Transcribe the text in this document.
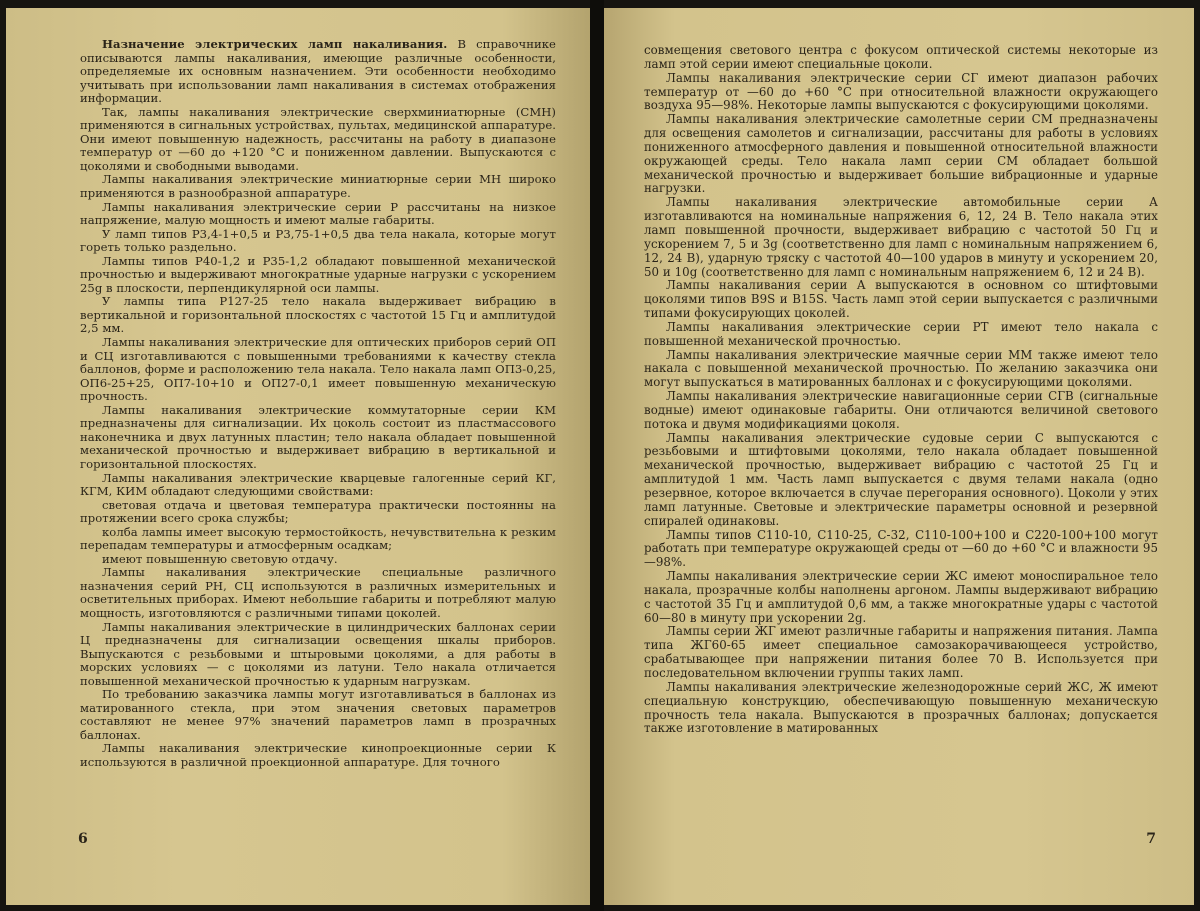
Назначение электрических ламп накаливания. В справочнике описываются лампы накаливания, имеющие различные особенности, определяемые их основным назначением. Эти особенности необходимо учитывать при использовании ламп накаливания в системах отображения информации.

Так, лампы накаливания электрические сверхминиатюрные (СМН) применяются в сигнальных устройствах, пультах, медицинской аппаратуре. Они имеют повышенную надежность, рассчитаны на работу в диапазоне температур от —60 до +120 °С и пониженном давлении. Выпускаются с цоколями и свободными выводами.

Лампы накаливания электрические миниатюрные серии МН широко применяются в разнообразной аппаратуре.

Лампы накаливания электрические серии Р рассчитаны на низкое напряжение, малую мощность и имеют малые габариты.

У ламп типов Р3,4-1+0,5 и Р3,75-1+0,5 два тела накала, которые могут гореть только раздельно.

Лампы типов Р40-1,2 и Р35-1,2 обладают повышенной механической прочностью и выдерживают многократные ударные нагрузки с ускорением 25g в плоскости, перпендикулярной оси лампы.

У лампы типа Р127-25 тело накала выдерживает вибрацию в вертикальной и горизонтальной плоскостях с частотой 15 Гц и амплитудой 2,5 мм.

Лампы накаливания электрические для оптических приборов серий ОП и СЦ изготавливаются с повышенными требованиями к качеству стекла баллонов, форме и расположению тела накала. Тело накала ламп ОП3-0,25, ОП6-25+25, ОП7-10+10 и ОП27-0,1 имеет повышенную механическую прочность.

Лампы накаливания электрические коммутаторные серии КМ предназначены для сигнализации. Их цоколь состоит из пластмассового наконечника и двух латунных пластин; тело накала обладает повышенной механической прочностью и выдерживает вибрацию в вертикальной и горизонтальной плоскостях.

Лампы накаливания электрические кварцевые галогенные серий КГ, КГМ, КИМ обладают следующими свойствами:

световая отдача и цветовая температура практически постоянны на протяжении всего срока службы;

колба лампы имеет высокую термостойкость, нечувствительна к резким перепадам температуры и атмосферным осадкам;

имеют повышенную световую отдачу.

Лампы накаливания электрические специальные различного назначения серий РН, СЦ используются в различных измерительных и осветительных приборах. Имеют небольшие габариты и потребляют малую мощность, изготовляются с различными типами цоколей.

Лампы накаливания электрические в цилиндрических баллонах серии Ц предназначены для сигнализации освещения шкалы приборов. Выпускаются с резьбовыми и штыровыми цоколями, а для работы в морских условиях — с цоколями из латуни. Тело накала отличается повышенной механической прочностью к ударным нагрузкам.

По требованию заказчика лампы могут изготавливаться в баллонах из матированного стекла, при этом значения световых параметров составляют не менее 97% значений параметров ламп в прозрачных баллонах.

Лампы накаливания электрические кинопроекционные серии К используются в различной проекционной аппаратуре. Для точного

6

совмещения светового центра с фокусом оптической системы некоторые из ламп этой серии имеют специальные цоколи.

Лампы накаливания электрические серии СГ имеют диапазон рабочих температур от —60 до +60 °С при относительной влажности окружающего воздуха 95—98%. Некоторые лампы выпускаются с фокусирующими цоколями.

Лампы накаливания электрические самолетные серии СМ предназначены для освещения самолетов и сигнализации, рассчитаны для работы в условиях пониженного атмосферного давления и повышенной относительной влажности окружающей среды. Тело накала ламп серии СМ обладает большой механической прочностью и выдерживает большие вибрационные и ударные нагрузки.

Лампы накаливания электрические автомобильные серии А изготавливаются на номинальные напряжения 6, 12, 24 В. Тело накала этих ламп повышенной прочности, выдерживает вибрацию с частотой 50 Гц и ускорением 7, 5 и 3g (соответственно для ламп с номинальным напряжением 6, 12, 24 В), ударную тряску с частотой 40—100 ударов в минуту и ускорением 20, 50 и 10g (соответственно для ламп с номинальным напряжением 6, 12 и 24 В).

Лампы накаливания серии А выпускаются в основном со штифтовыми цоколями типов В9S и В15S. Часть ламп этой серии выпускается с различными типами фокусирующих цоколей.

Лампы накаливания электрические серии РТ имеют тело накала с повышенной механической прочностью.

Лампы накаливания электрические маячные серии ММ также имеют тело накала с повышенной механической прочностью. По желанию заказчика они могут выпускаться в матированных баллонах и с фокусирующими цоколями.

Лампы накаливания электрические навигационные серии СГВ (сигнальные водные) имеют одинаковые габариты. Они отличаются величиной светового потока и двумя модификациями цоколя.

Лампы накаливания электрические судовые серии С выпускаются с резьбовыми и штифтовыми цоколями, тело накала обладает повышенной механической прочностью, выдерживает вибрацию с частотой 25 Гц и амплитудой 1 мм. Часть ламп выпускается с двумя телами накала (одно резервное, которое включается в случае перегорания основного). Цоколи у этих ламп латунные. Световые и электрические параметры основной и резервной спиралей одинаковы.

Лампы типов С110-10, С110-25, С-32, С110-100+100 и С220-100+100 могут работать при температуре окружающей среды от —60 до +60 °С и влажности 95—98%.

Лампы накаливания электрические серии ЖС имеют моноспиральное тело накала, прозрачные колбы наполнены аргоном. Лампы выдерживают вибрацию с частотой 35 Гц и амплитудой 0,6 мм, а также многократные удары с частотой 60—80 в минуту при ускорении 2g.

Лампы серии ЖГ имеют различные габариты и напряжения питания. Лампа типа ЖГ60-65 имеет специальное самозакорачивающееся устройство, срабатывающее при напряжении питания более 70 В. Используется при последовательном включении группы таких ламп.

Лампы накаливания электрические железнодорожные серий ЖС, Ж имеют специальную конструкцию, обеспечивающую повышенную механическую прочность тела накала. Выпускаются в прозрачных баллонах; допускается также изготовление в матированных

7
